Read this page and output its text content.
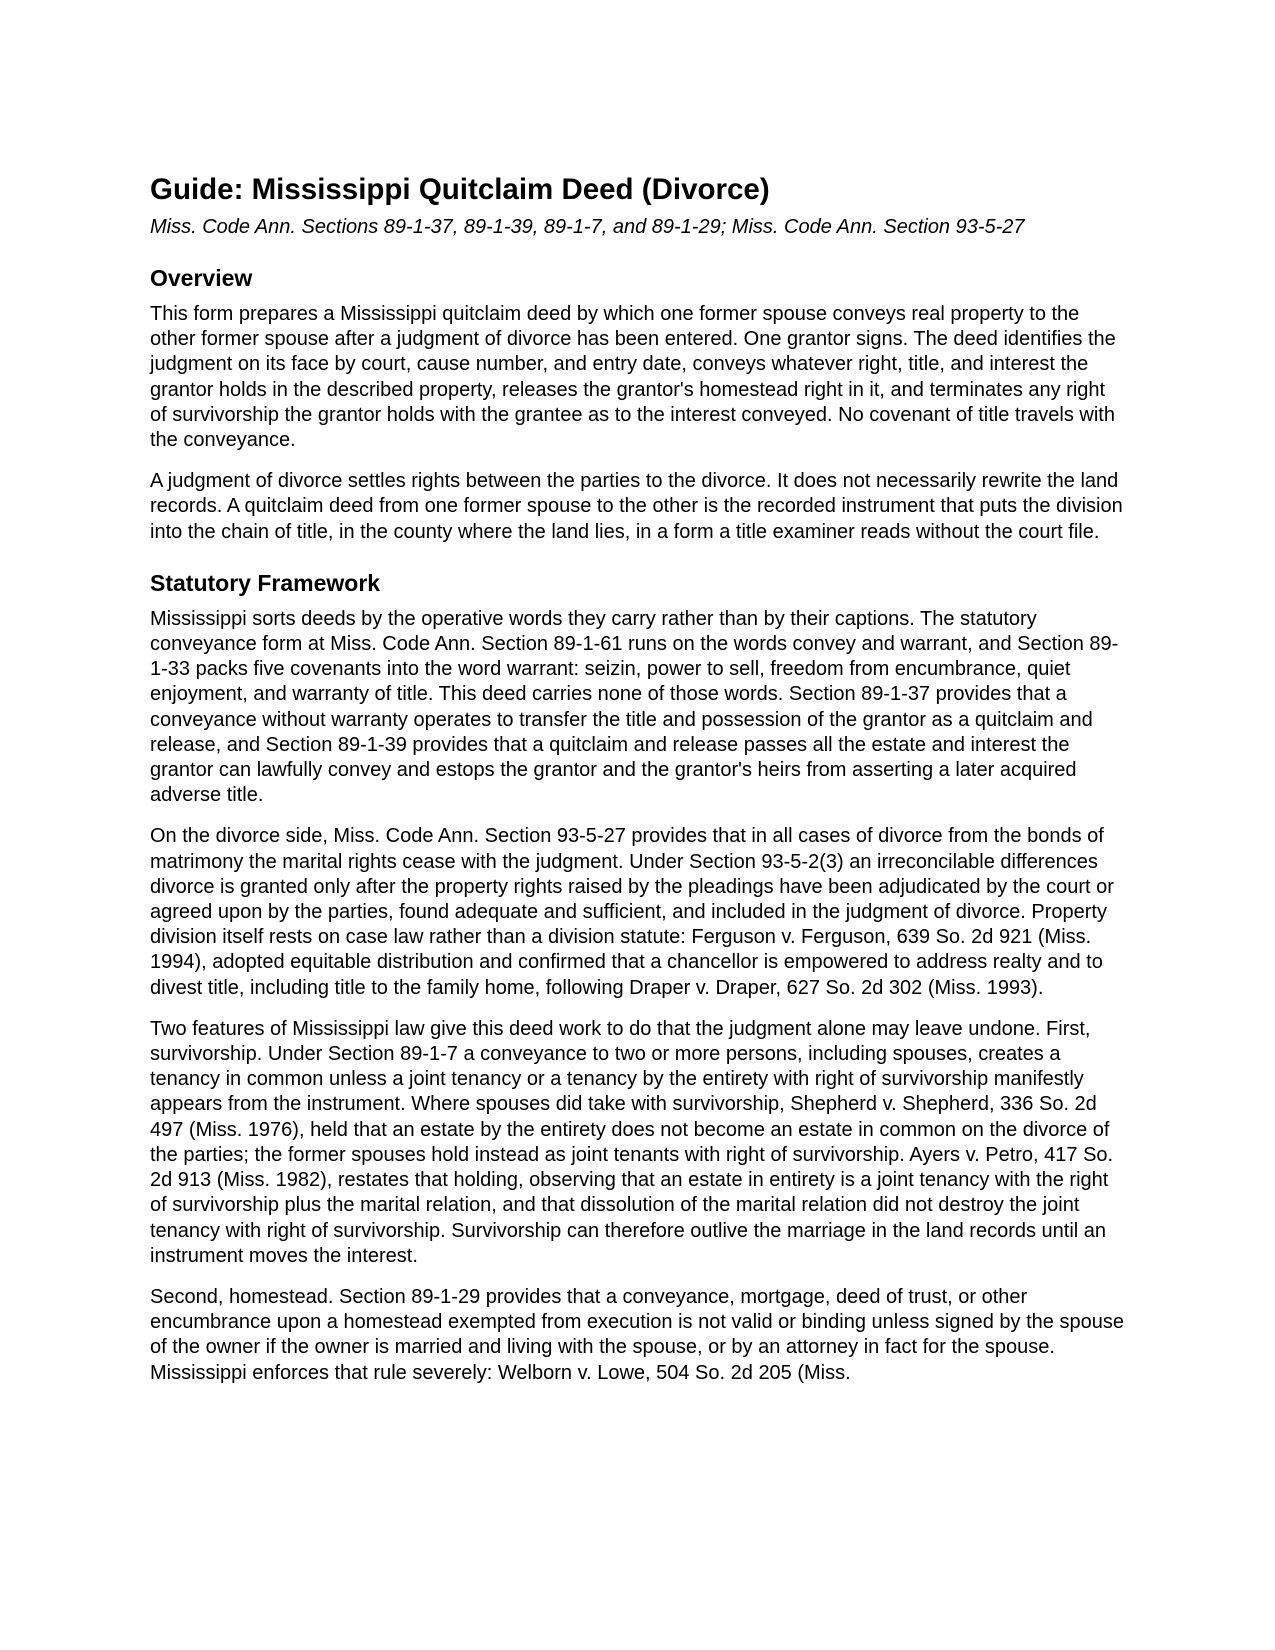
Guide: Mississippi Quitclaim Deed (Divorce)

Miss. Code Ann. Sections 89-1-37, 89-1-39, 89-1-7, and 89-1-29; Miss. Code Ann. Section 93-5-27

Overview

This form prepares a Mississippi quitclaim deed by which one former spouse conveys real property to the other former spouse after a judgment of divorce has been entered. One grantor signs. The deed identifies the judgment on its face by court, cause number, and entry date, conveys whatever right, title, and interest the grantor holds in the described property, releases the grantor's homestead right in it, and terminates any right of survivorship the grantor holds with the grantee as to the interest conveyed. No covenant of title travels with the conveyance.

A judgment of divorce settles rights between the parties to the divorce. It does not necessarily rewrite the land records. A quitclaim deed from one former spouse to the other is the recorded instrument that puts the division into the chain of title, in the county where the land lies, in a form a title examiner reads without the court file.

Statutory Framework

Mississippi sorts deeds by the operative words they carry rather than by their captions. The statutory conveyance form at Miss. Code Ann. Section 89-1-61 runs on the words convey and warrant, and Section 89-1-33 packs five covenants into the word warrant: seizin, power to sell, freedom from encumbrance, quiet enjoyment, and warranty of title. This deed carries none of those words. Section 89-1-37 provides that a conveyance without warranty operates to transfer the title and possession of the grantor as a quitclaim and release, and Section 89-1-39 provides that a quitclaim and release passes all the estate and interest the grantor can lawfully convey and estops the grantor and the grantor's heirs from asserting a later acquired adverse title.

On the divorce side, Miss. Code Ann. Section 93-5-27 provides that in all cases of divorce from the bonds of matrimony the marital rights cease with the judgment. Under Section 93-5-2(3) an irreconcilable differences divorce is granted only after the property rights raised by the pleadings have been adjudicated by the court or agreed upon by the parties, found adequate and sufficient, and included in the judgment of divorce. Property division itself rests on case law rather than a division statute: Ferguson v. Ferguson, 639 So. 2d 921 (Miss. 1994), adopted equitable distribution and confirmed that a chancellor is empowered to address realty and to divest title, including title to the family home, following Draper v. Draper, 627 So. 2d 302 (Miss. 1993).

Two features of Mississippi law give this deed work to do that the judgment alone may leave undone. First, survivorship. Under Section 89-1-7 a conveyance to two or more persons, including spouses, creates a tenancy in common unless a joint tenancy or a tenancy by the entirety with right of survivorship manifestly appears from the instrument. Where spouses did take with survivorship, Shepherd v. Shepherd, 336 So. 2d 497 (Miss. 1976), held that an estate by the entirety does not become an estate in common on the divorce of the parties; the former spouses hold instead as joint tenants with right of survivorship. Ayers v. Petro, 417 So. 2d 913 (Miss. 1982), restates that holding, observing that an estate in entirety is a joint tenancy with the right of survivorship plus the marital relation, and that dissolution of the marital relation did not destroy the joint tenancy with right of survivorship. Survivorship can therefore outlive the marriage in the land records until an instrument moves the interest.

Second, homestead. Section 89-1-29 provides that a conveyance, mortgage, deed of trust, or other encumbrance upon a homestead exempted from execution is not valid or binding unless signed by the spouse of the owner if the owner is married and living with the spouse, or by an attorney in fact for the spouse. Mississippi enforces that rule severely: Welborn v. Lowe, 504 So. 2d 205 (Miss.
